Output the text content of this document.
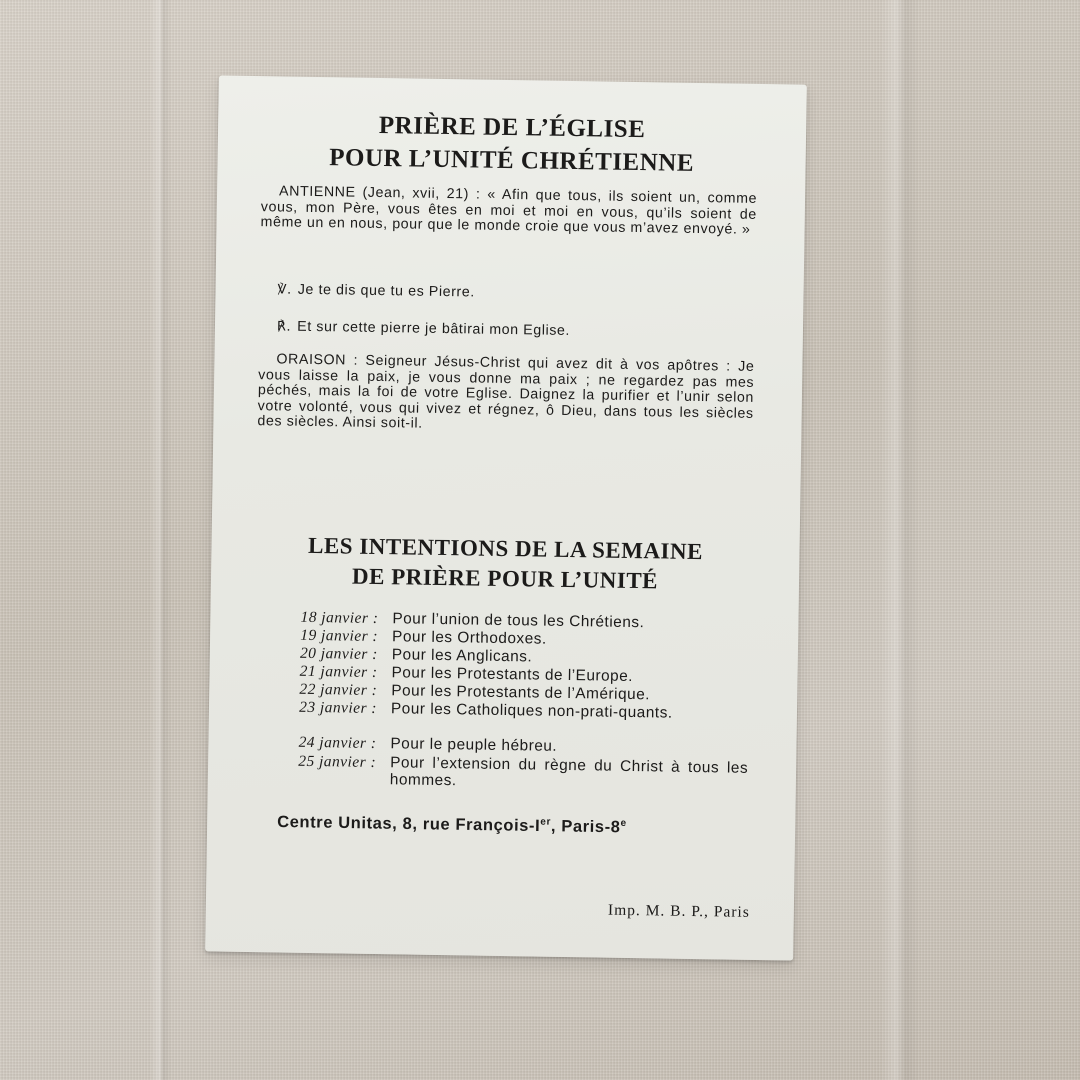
PRIÈRE DE L’ÉGLISE
POUR L’UNITÉ CHRÉTIENNE
ANTIENNE (Jean, xvii, 21) : « Afin que tous, ils soient un, comme vous, mon Père, vous êtes en moi et moi en vous, qu’ils soient de même un en nous, pour que le monde croie que vous m’avez envoyé. »
℣. Je te dis que tu es Pierre.
℟. Et sur cette pierre je bâtirai mon Eglise.
ORAISON : Seigneur Jésus-Christ qui avez dit à vos apôtres : Je vous laisse la paix, je vous donne ma paix ; ne regardez pas mes péchés, mais la foi de votre Eglise. Daignez la purifier et l’unir selon votre volonté, vous qui vivez et régnez, ô Dieu, dans tous les siècles des siècles. Ainsi soit-il.
LES INTENTIONS DE LA SEMAINE
DE PRIÈRE POUR L’UNITÉ
18 janvier : Pour l’union de tous les Chrétiens.
19 janvier : Pour les Orthodoxes.
20 janvier : Pour les Anglicans.
21 janvier : Pour les Protestants de l’Europe.
22 janvier : Pour les Protestants de l’Amérique.
23 janvier : Pour les Catholiques non-prati-quants.
24 janvier : Pour le peuple hébreu.
25 janvier : Pour l’extension du règne du Christ à tous les hommes.
Centre Unitas, 8, rue François-Ier, Paris-8e
Imp. M. B. P., Paris
